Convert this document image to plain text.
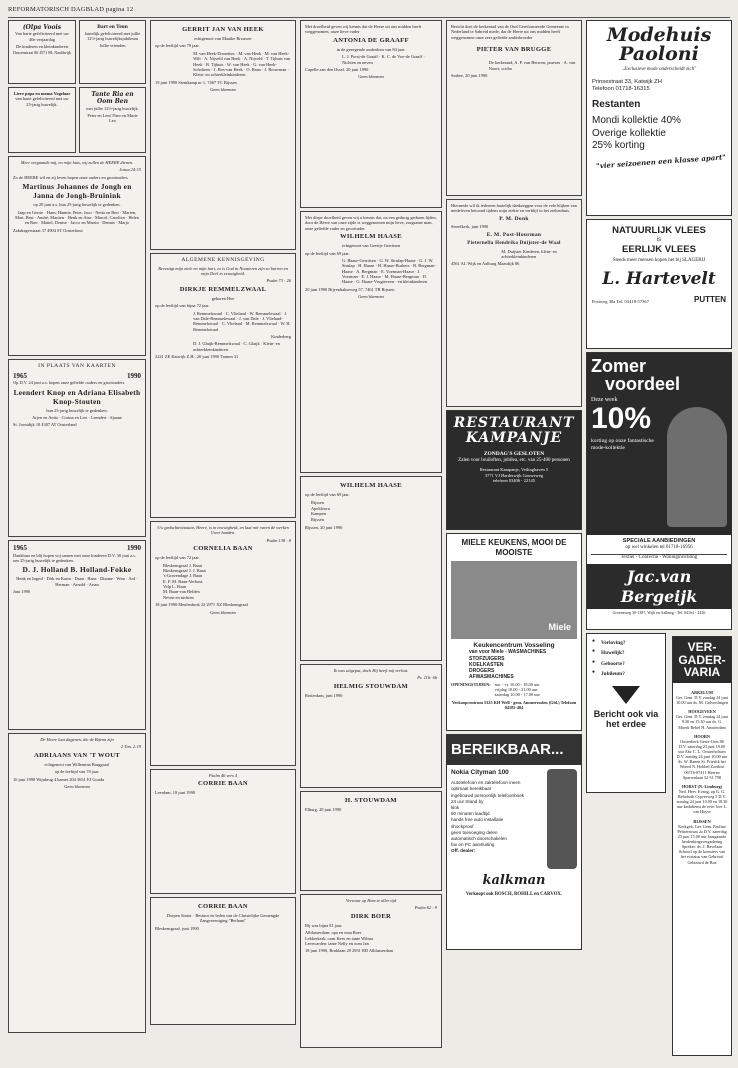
REFORMATORISCH DAGBLAD pagina 12
(Olpa Voois

Van harte gefeliciteerd met uw 40e verjaardag

De kinderen en kleinkinderen

Drusenstraat 86 4571 BL Naaldwijk

Bart en Teun

hartelijk gefeliciteerd met jullie 12½-jarig huwelijksjubileum

Jullie vrienden

Lieve papa en mama Vogelaar

van harte gefeliciteerd met uw 25-jarig huwelijk.

Tante Ria en Oom Ben

met jullie 12½-jarig huwelijk.

Peter en Leni Theo en Marie Leo

Meer vergaande mij, en mijn huis, wij zullen de HEERE dienen.

Jozua 24:15

Zo de HEERE wil en zij leven hopen onze ouders en grootouders

Martinus Johannes de Jongh en Janna de Jongh-Bruinink

op 20 juni a.s. hun 25-jarig huwelijk te gedenken.

Jaap en Gerrie · Hans, Hannie, Peter, Jaco · Netta en Bert · Marten, Mart, Best · André, Martien · Henk en Aise · Marcel, Carolien · Helen en Ron · Mattel, Denise · Jacco en Martin · Dennis · Marjo

Zakdragerstraat 37 4904 ST Oosterhout

IN PLAATS VAN KAARTEN
1965	1990

Op D.V. 24 juni a.s. hopen onze geliefde ouders en grootouders

Leendert Knop en Adriana Elisabeth Knop-Stouten

hun 25-jarig huwelijk te gedenken.

Arjen en Anita · Corina en Leri · Leendert · Sjaane

St. Joostdijk 10 4307 AT Oosterland

1965	1990

Dankbaar en blij hopen wij samen met onze kinderen D.V. 30 juni a.s. ons 25-jarig huwelijk te gedenken.

D. J. Holland B. Holland-Fokke

Henk en Ingrid · Dirk en Karin · Daan · Hans · Dianne · Wim · Ard · Herman · Arnold · Arian

Juni 1990

De Heere laat dagenen, die de Bijenn zijn

2 Tim. 2:19

ADRIAANS VAN 'T WOUT

echtgenoot van Willemina Burggraaf

op de leeftijd van 70 jaar.

16 juni 1990 Wijnbrug 4 kamer 204 3651 EJ Gouda

Geen bloemen

GERRIT JAN VAN HEEK

echtgenoot van Maaike Brouwer

op de leeftijd van 79 jaar.

M. van Heek-Doornbos · M. van Heek · M. van Heek-Wilt · A. Nijveld van Heek · A. Nijveld · T. Tijhuis van Heek · B. Tijhuis · W. van Heek · G. van Heek-Scholtens · J. Bos-van Heek · O. Baan · J. Bouwman · Klein- en achterkleinkinderen

19 juni 1990 Stemkamp nr 1, 7467 TC Bijssen

Geen bloemen

ALGEMENE KENNISGEVING

Bevestigt mijn ziele en mijn hart, zo is God in Noasteren zijn zo barren en mijn Deel in eeuwigheid.

Psalm 73 : 26

DIRKJE REMMELZWAAL

geboren Hoe

op de leeftijd van bijna 72 jaar.

J. Remmelzwaal · C. Vlieland · W. Remmelzwaal · J. van Dale-Remmelzwaal · J. van Dale · J. Vlieland-Remmelzwaal · C. Vlieland · M. Remmelzwaal · W. H. Remmelzwaal

Kinderberg

D. J. Glaijk-Remmelzwaal · C. Glaijk · Klein- en achterkleinkinderen

2221 ZE Katwijk Z.H., 20 juni 1990 Tramm 31

Uw gedachtenisstaat, Heere, is in eeuwigheid, en laat mir varen de werken Uwer handen.

Psalm 138 : 8

CORNELIA BAAN

op de leeftijd van 72 jaar.

Bleskensgraaf J. Baan
Bleskensgraaf J. J. Baan
's-Gravendage J. Baan
E. F. M. Baan-Verbout
Velp L. Baan
M. Baan-van Helden
Neven en nichten

18 juni 1990 Meulenbrok 22 2971 XZ Bleskensgraaf

Geen bloemen

Psalm 46 vers 4

CORRIE BAAN

Leerdam, 18 juni 1990

CORRIE BAAN

Dorpen Sintor · Bestuur en leden van de Christelijke Gemengde Zangvereniging "Bethum"

Bleskensgraaf, juni 1990

Met droefheid geven wij kennis dat de Heere uit ons midden heeft weggenomen, onze lieve vader

ANTONIA DE GRAAFF

in de gezegende ouderdom van 84 jaar.

L. J. Porst-de Graaff · K. C. de Voo-de Graaff · Nichten en neven

Capelle aan den IJssel, 20 juni 1990

Geen bloemen

Met diepe droefheid geven wij u kennis dat, na een gedurig geduren lijden, door de Heere van onze zijde is weggenomen mijn lieve, zorgzame man, onze geliefde vader en grootvader

WILHELM HAASE

echtgenoot van Geertje Gerritsen

op de leeftijd van 69 jaar.

G. Haase-Gerritsen · G. W. Strulap-Haase · G. J. W. Strulap · H. Haase · H. Haase-Burbers · B. Bergman-Haase · A. Bergman · E. Voerman-Haase · J. Voerman · E. J. Haase · M. Haase-Bergman · D. Haase · G. Haase-Vrugteveen · en kleinkinderen

20 juni 1990 Bijvenhakseweg 57, 7461 TB Rijssen

Geen bloemen

WILHELM HAASE

op de leeftijd van 69 jaar.

Rijssen
Apeldoorn
Kampen
Rijssen

Rijssen, 20 juni 1990

Ik was uitgeput, doch Hij heeft mij verlost.

Ps. 116: 6b

HELMIG STOUWDAM

Rotterdam, juni 1990

H. STOUWDAM

Elburg, 20 juni 1990

Verwaar op Hem te aller tijd

Psalm 62 : 9

DIRK BOER

Bij was bijna 81 jaar.

Alblasserdam: opa en oma Boer
Lekkerkerk: oom Kees en tante Wilma
Leerwarden: tante Nelly en oom Jan

18 juni 1990, Bruklaan 29 2951 RD Alblasserdam

Bericht doet de kerkeraad van de Oud Gereformeerde Gemeente in Nederland te Sabreid mede, dat de Heere uit ons midden heeft weggenomen onze zeer geliefde ambtsbroeder

PIETER VAN BRUGGE

De kerkeraad, A. P. van Herwen, praeses · A. van Noort, scriba

Srabee, 20 juni 1990

Hiermede wil ik iedereen hartelijk dankzeggen voor de vele blijken van medeleven betoond tijdens mijn ziekte en verblijf in het ziekenhuis.

P. M. Donk

Streefkerk, juni 1990

E. M. Post-Hourman
Pieternella Hendrika Duijster-de Waal

M. Duijster Kinderen, klein- en achterkleinkinderen

4561 AL Wijk en Aalburg Maasdijk 86

RESTAURANT KAMPANJE
ZONDAG'S GESLOTEN
Zalen voor bruiloften, jubilea, etc. van 25-400 personen
Restaurant Kampanje, Veilinghaven 5
3771 VJ Harderwijk Gouweweg
telefoon 03406 - 22145
MIELE KEUKENS, MOOI DE MOOISTE
Miele
Keukencentrum Vosseling
van voor Miele - WASMACHINES
STOFZUIGERS
KOELKASTEN
DROGERS
AFWASMACHINES
OPENINGSTIJDEN: ma. - vr. 10.00 - 18.00 uur
vrijdag 10.00 - 21.00 uur
zaterdag 10.00 - 17.00 uur
Verkoopcentrum 5325 KH Well - gem. Ammerzoden (Gld.) Telefoon 04185-404
BEREIKBAAR...
Nokia Cityman 100
Autotelefoon en zaktelefoon ineen
optimaal bereikbaar
ingebouwd persoonlijk telefoonboek
24 uur Stand by
klok
50 minuten laadtijd
hands free auto installatie
shockproof
geen toevoeging delen
automatisch doorschakelen
fax en PC aansluiting
Off. dealer:
kalkman
Verkoopt ook BOSCH, ROHILL en CARVOX.
Modehuis
Paoloni
..Exclusieve mode onderscheidt zich"
Prinsestraat 33, Katwijk ZH
Telefoon 01718-16315
Restanten
Mondi kollektie 40%
Overige kollektie
25% korting
"vier seizoenen een klasse apart"
NATUURLIJK VLEES
is
EERLIJK VLEES
Steeds meer mensen kopen het bij SLAGERIJ
L. Hartevelt
Postweg 38a Tel. 03418-57367	PUTTEN
Zomer
voordeel
Deze week
10%
korting op onze fantastische mode-kollektie
SPECIALE AANBIEDINGEN
op wel winkelen tel 01718-16956
Textiel - Confectie - Woninginrichting
Jac.van Bergeijk
Groeneweg 30-1387, Wijk en Aalburg - Tel. 04164 - 2426
● Verloving?
● Huwelijk?
● Geboorte?
● Jubileum?
Bericht ook via het erdee
VER-GADER-VARIA
ARKELUM
Ger. Gem. D.V. zondag 24 juni 10.00 uur ds. M. Golverdingen
HOOGEVEEN
Ger. Gem. D.V. zondag 24 juni 9.30 en 15.30 uur ds. G. Moerk Rebel H. Amsterdam
HOORN
Oosterkerk Gerre-Oost 86 D.V. zaterdag 23 juni 19.00 uur Abc C. L. Oosterholsten D.V. zondag 24 juni 10.00 uur ds. W. Banen St. Frieslik het Woord N. Hobbel Zoetkist 06716-87411 Heeren Sparrenlaan 32-51 798
HORST (N.-Limburg)
Ned. Herv. Evang. op G. G. Rehoboth Cypresweg 5 D.V. zondag 24 juni 10.00 en 18.30 uur kerkdienst de evie. leer L. van Huyse
RIJSSEN
Kerkgeb. Ger. Gem. Pauline Pelsterstraat 2a D.V. zaterdag 23 juni 15.00 uur Jaargaande herdenkingsvergadering Spreker: ds. J. Ravelaan Schoorl op de koetsiers van het ecstatus van Gebrooit Gebouwd de Boz
